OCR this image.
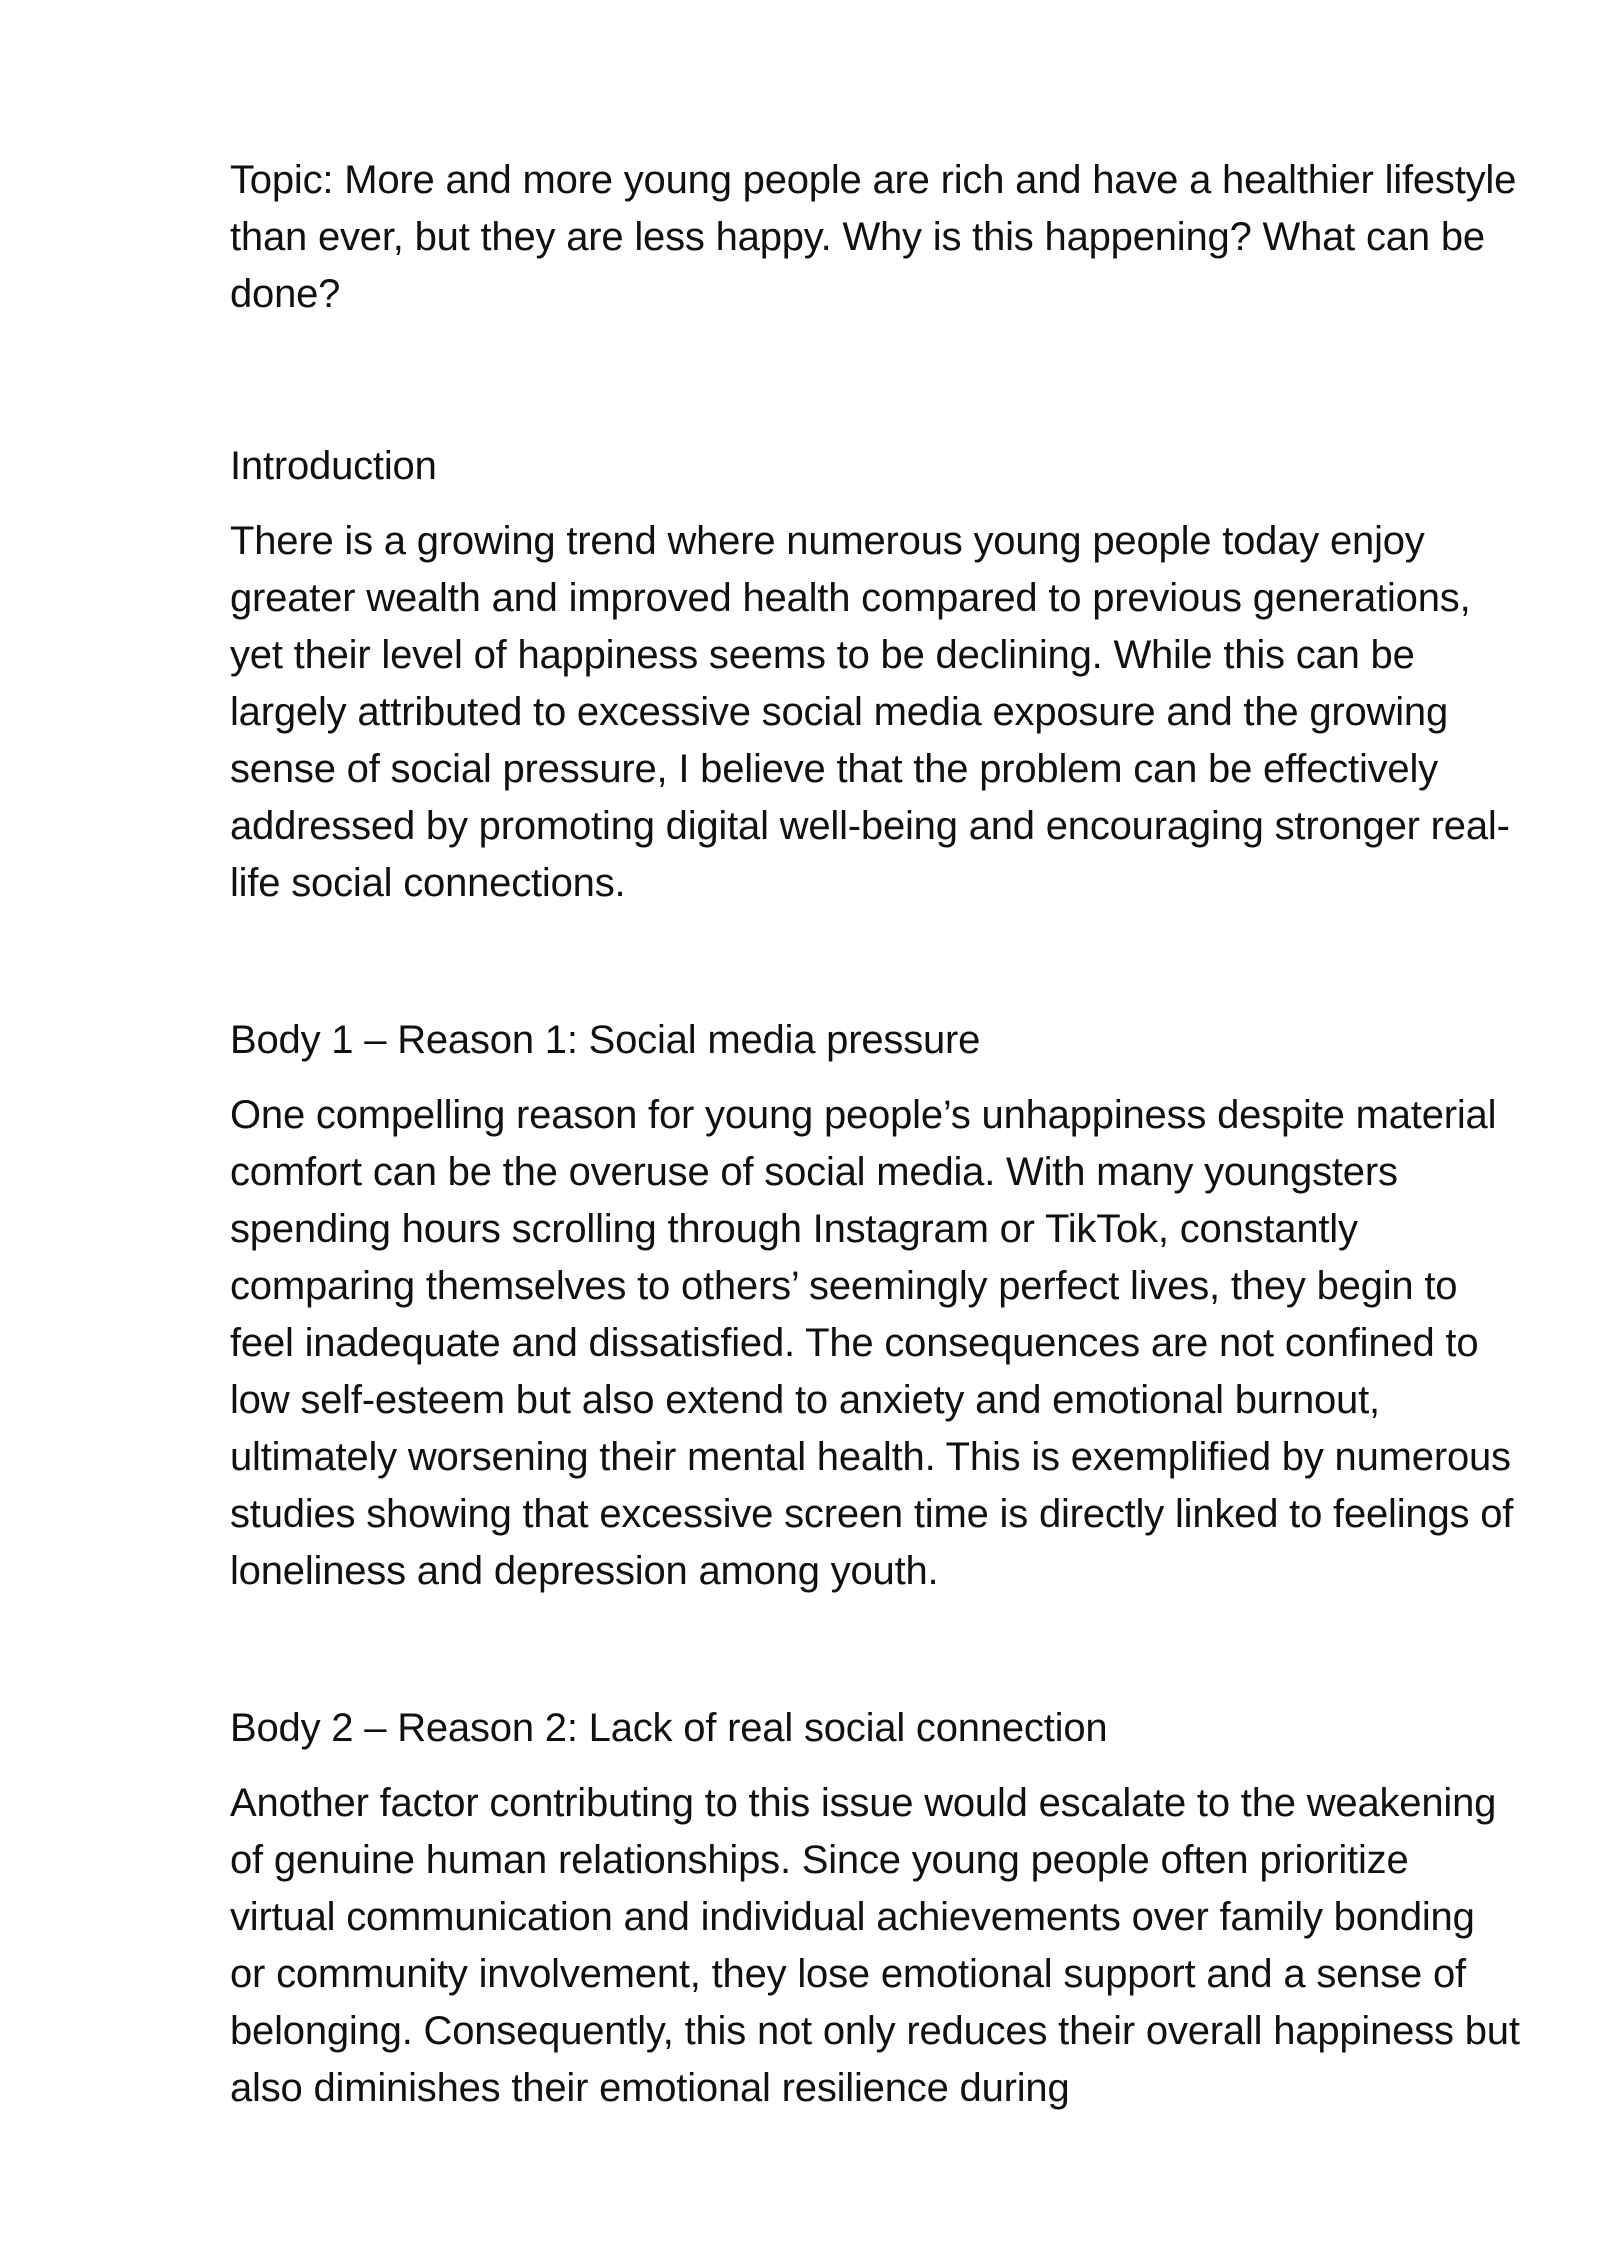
Topic: More and more young people are rich and have a healthier lifestyle than ever, but they are less happy. Why is this happening? What can be done?

Introduction

There is a growing trend where numerous young people today enjoy greater wealth and improved health compared to previous generations, yet their level of happiness seems to be declining. While this can be largely attributed to excessive social media exposure and the growing sense of social pressure, I believe that the problem can be effectively addressed by promoting digital well-being and encouraging stronger real-life social connections.

Body 1 – Reason 1: Social media pressure

One compelling reason for young people’s unhappiness despite material comfort can be the overuse of social media. With many youngsters spending hours scrolling through Instagram or TikTok, constantly comparing themselves to others’ seemingly perfect lives, they begin to feel inadequate and dissatisfied. The consequences are not confined to low self-esteem but also extend to anxiety and emotional burnout, ultimately worsening their mental health. This is exemplified by numerous studies showing that excessive screen time is directly linked to feelings of loneliness and depression among youth.

Body 2 – Reason 2: Lack of real social connection

Another factor contributing to this issue would escalate to the weakening of genuine human relationships. Since young people often prioritize virtual communication and individual achievements over family bonding or community involvement, they lose emotional support and a sense of belonging. Consequently, this not only reduces their overall happiness but also diminishes their emotional resilience during
